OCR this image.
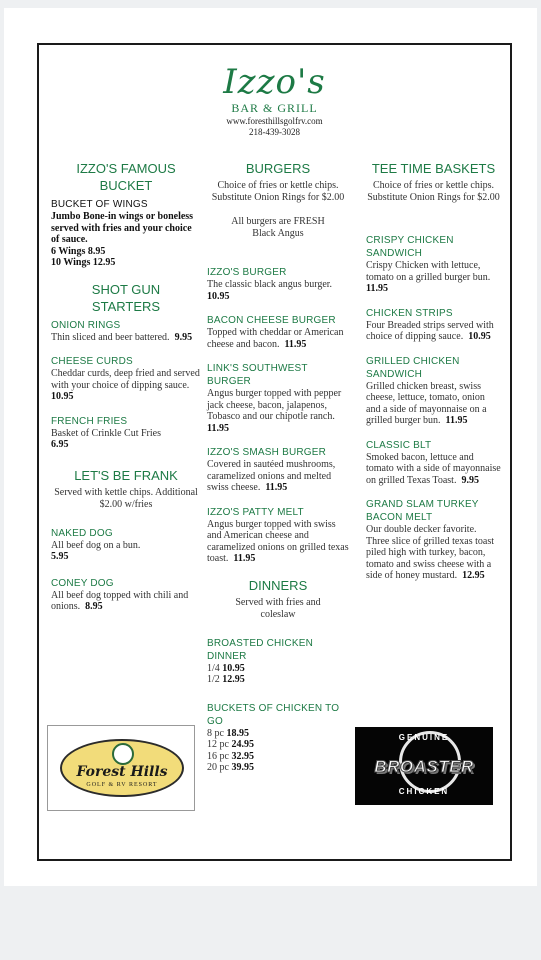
Izzo's
BAR & GRILL
www.foresthillsgolfrv.com
218-439-3028
IZZO'S FAMOUS BUCKET
BUCKET OF WINGS
Jumbo Bone-in wings or boneless served with fries and your choice of sauce.
6 Wings 8.95
10 Wings 12.95
SHOT GUN STARTERS
ONION RINGS
Thin sliced and beer battered. 9.95
CHEESE CURDS
Cheddar curds, deep fried and served with your choice of dipping sauce.
10.95
FRENCH FRIES
Basket of Crinkle Cut Fries
6.95
LET'S BE FRANK
Served with kettle chips. Additional $2.00 w/fries
NAKED DOG
All beef dog on a bun.
5.95
CONEY DOG
All beef dog topped with chili and onions. 8.95
BURGERS
Choice of fries or kettle chips. Substitute Onion Rings for $2.00
All burgers are FRESH Black Angus
IZZO'S BURGER
The classic black angus burger.  10.95
BACON CHEESE BURGER
Topped with cheddar or American cheese and bacon. 11.95
LINK'S SOUTHWEST BURGER
Angus burger topped with pepper jack cheese, bacon, jalapenos, Tobasco and our chipotle ranch.  11.95
IZZO'S SMASH BURGER
Covered in sautéed mushrooms, caramelized onions and melted swiss cheese. 11.95
IZZO'S PATTY MELT
Angus burger topped with swiss and American cheese and caramelized onions on grilled texas toast. 11.95
DINNERS
Served with fries and coleslaw
BROASTED CHICKEN DINNER
1/4 10.95
1/2 12.95
BUCKETS OF CHICKEN TO GO
8 pc 18.95
12 pc 24.95
16 pc 32.95
20 pc 39.95
TEE TIME BASKETS
Choice of fries or kettle chips. Substitute Onion Rings for $2.00
CRISPY CHICKEN SANDWICH
Crispy Chicken with lettuce, tomato on a grilled burger bun.  11.95
CHICKEN STRIPS
Four Breaded strips served with choice of dipping sauce. 10.95
GRILLED CHICKEN SANDWICH
Grilled chicken breast, swiss cheese, lettuce, tomato, onion and a side of mayonnaise on a grilled burger bun. 11.95
CLASSIC BLT
Smoked bacon, lettuce and tomato with a side of mayonnaise on grilled Texas Toast. 9.95
GRAND SLAM TURKEY BACON MELT
Our double decker favorite. Three slice of grilled texas toast piled high with turkey, bacon, tomato and swiss cheese with a side of honey mustard. 12.95
Forest Hills
GOLF & RV RESORT
GENUINE
BROASTER
CHICKEN
